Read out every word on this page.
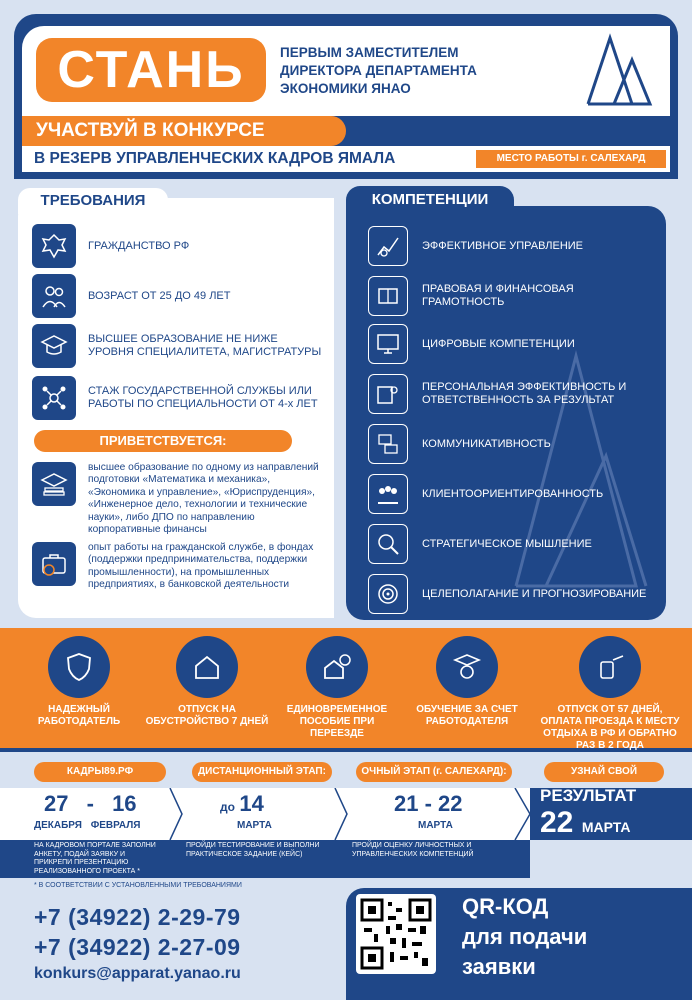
СТАНЬ	ПЕРВЫМ ЗАМЕСТИТЕЛЕМ
ДИРЕКТОРА ДЕПАРТАМЕНТА
ЭКОНОМИКИ ЯНАО
УЧАСТВУЙ В КОНКУРСЕ
В РЕЗЕРВ УПРАВЛЕНЧЕСКИХ КАДРОВ ЯМАЛА	МЕСТО РАБОТЫ г. САЛЕХАРД
ТРЕБОВАНИЯ
ГРАЖДАНСТВО РФ
ВОЗРАСТ ОТ 25 ДО 49 ЛЕТ
ВЫСШЕЕ ОБРАЗОВАНИЕ НЕ НИЖЕ УРОВНЯ СПЕЦИАЛИТЕТА, МАГИСТРАТУРЫ
СТАЖ ГОСУДАРСТВЕННОЙ СЛУЖБЫ ИЛИ РАБОТЫ ПО СПЕЦИАЛЬНОСТИ ОТ 4-х ЛЕТ
ПРИВЕТСТВУЕТСЯ:
высшее образование по одному из направлений подготовки «Математика и механика», «Экономика и управление», «Юриспруденция», «Инженерное дело, технологии и технические науки», либо ДПО по направлению корпоративные финансы
опыт работы на гражданской службе, в фондах (поддержки предпринимательства, поддержки промышленности), на промышленных предприятиях, в банковской деятельности
КОМПЕТЕНЦИИ
ЭФФЕКТИВНОЕ УПРАВЛЕНИЕ
ПРАВОВАЯ И ФИНАНСОВАЯ ГРАМОТНОСТЬ
ЦИФРОВЫЕ КОМПЕТЕНЦИИ
ПЕРСОНАЛЬНАЯ ЭФФЕКТИВНОСТЬ И ОТВЕТСТВЕННОСТЬ ЗА РЕЗУЛЬТАТ
КОММУНИКАТИВНОСТЬ
КЛИЕНТООРИЕНТИРОВАННОСТЬ
СТРАТЕГИЧЕСКОЕ МЫШЛЕНИЕ
ЦЕЛЕПОЛАГАНИЕ И ПРОГНОЗИРОВАНИЕ
НАДЕЖНЫЙ РАБОТОДАТЕЛЬ
ОТПУСК НА ОБУСТРОЙСТВО 7 ДНЕЙ
ЕДИНОВРЕМЕННОЕ ПОСОБИЕ ПРИ ПЕРЕЕЗДЕ
ОБУЧЕНИЕ ЗА СЧЕТ РАБОТОДАТЕЛЯ
ОТПУСК ОТ 57 ДНЕЙ, ОПЛАТА ПРОЕЗДА К МЕСТУ ОТДЫХА В РФ И ОБРАТНО РАЗ В 2 ГОДА
КАДРЫ89.РФ	ДИСТАНЦИОННЫЙ ЭТАП:	ОЧНЫЙ ЭТАП (г. САЛЕХАРД):	УЗНАЙ СВОЙ
27 - 16
ДЕКАБРЯ ФЕВРАЛЯ
НА КАДРОВОМ ПОРТАЛЕ ЗАПОЛНИ АНКЕТУ, ПОДАЙ ЗАЯВКУ И ПРИКРЕПИ ПРЕЗЕНТАЦИЮ РЕАЛИЗОВАННОГО ПРОЕКТА *
до 14
МАРТА
ПРОЙДИ ТЕСТИРОВАНИЕ И ВЫПОЛНИ ПРАКТИЧЕСКОЕ ЗАДАНИЕ (КЕЙС)
21 - 22
МАРТА
ПРОЙДИ ОЦЕНКУ ЛИЧНОСТНЫХ И УПРАВЛЕНЧЕСКИХ КОМПЕТЕНЦИЙ
РЕЗУЛЬТАТ
22 МАРТА
* В СООТВЕТСТВИИ С УСТАНОВЛЕННЫМИ ТРЕБОВАНИЯМИ
+7 (34922) 2-29-79
+7 (34922) 2-27-09
konkurs@apparat.yanao.ru
QR-КОД
для подачи
заявки
